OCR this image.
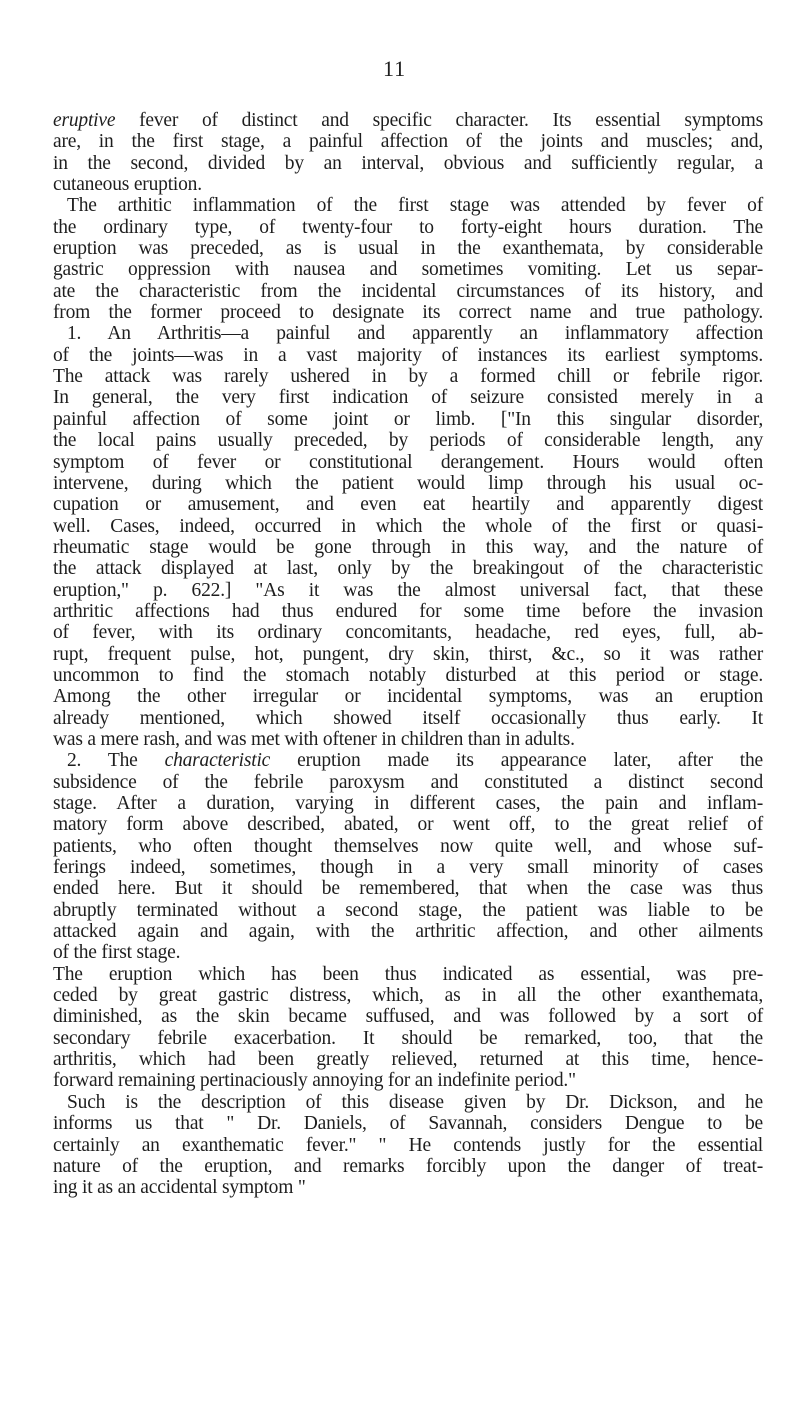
11
eruptive fever of distinct and specific character. Its essential symptoms
are, in the first stage, a painful affection of the joints and muscles; and,
in the second, divided by an interval, obvious and sufficiently regular, a
cutaneous eruption.
The arthitic inflammation of the first stage was attended by fever of
the ordinary type, of twenty-four to forty-eight hours duration. The
eruption was preceded, as is usual in the exanthemata, by considerable
gastric oppression with nausea and sometimes vomiting. Let us separ-
ate the characteristic from the incidental circumstances of its history, and
from the former proceed to designate its correct name and true pathology.
1. An Arthritis—a painful and apparently an inflammatory affection
of the joints—was in a vast majority of instances its earliest symptoms.
The attack was rarely ushered in by a formed chill or febrile rigor.
In general, the very first indication of seizure consisted merely in a
painful affection of some joint or limb. ["In this singular disorder,
the local pains usually preceded, by periods of considerable length, any
symptom of fever or constitutional derangement. Hours would often
intervene, during which the patient would limp through his usual oc-
cupation or amusement, and even eat heartily and apparently digest
well. Cases, indeed, occurred in which the whole of the first or quasi-
rheumatic stage would be gone through in this way, and the nature of
the attack displayed at last, only by the breakingout of the characteristic
eruption," p. 622.] "As it was the almost universal fact, that these
arthritic affections had thus endured for some time before the invasion
of fever, with its ordinary concomitants, headache, red eyes, full, ab-
rupt, frequent pulse, hot, pungent, dry skin, thirst, &c., so it was rather
uncommon to find the stomach notably disturbed at this period or stage.
Among the other irregular or incidental symptoms, was an eruption
already mentioned, which showed itself occasionally thus early. It
was a mere rash, and was met with oftener in children than in adults.
2. The characteristic eruption made its appearance later, after the
subsidence of the febrile paroxysm and constituted a distinct second
stage. After a duration, varying in different cases, the pain and inflam-
matory form above described, abated, or went off, to the great relief of
patients, who often thought themselves now quite well, and whose suf-
ferings indeed, sometimes, though in a very small minority of cases
ended here. But it should be remembered, that when the case was thus
abruptly terminated without a second stage, the patient was liable to be
attacked again and again, with the arthritic affection, and other ailments
of the first stage.
The eruption which has been thus indicated as essential, was pre-
ceded by great gastric distress, which, as in all the other exanthemata,
diminished, as the skin became suffused, and was followed by a sort of
secondary febrile exacerbation. It should be remarked, too, that the
arthritis, which had been greatly relieved, returned at this time, hence-
forward remaining pertinaciously annoying for an indefinite period."
Such is the description of this disease given by Dr. Dickson, and he
informs us that " Dr. Daniels, of Savannah, considers Dengue to be
certainly an exanthematic fever." " He contends justly for the essential
nature of the eruption, and remarks forcibly upon the danger of treat-
ing it as an accidental symptom "
